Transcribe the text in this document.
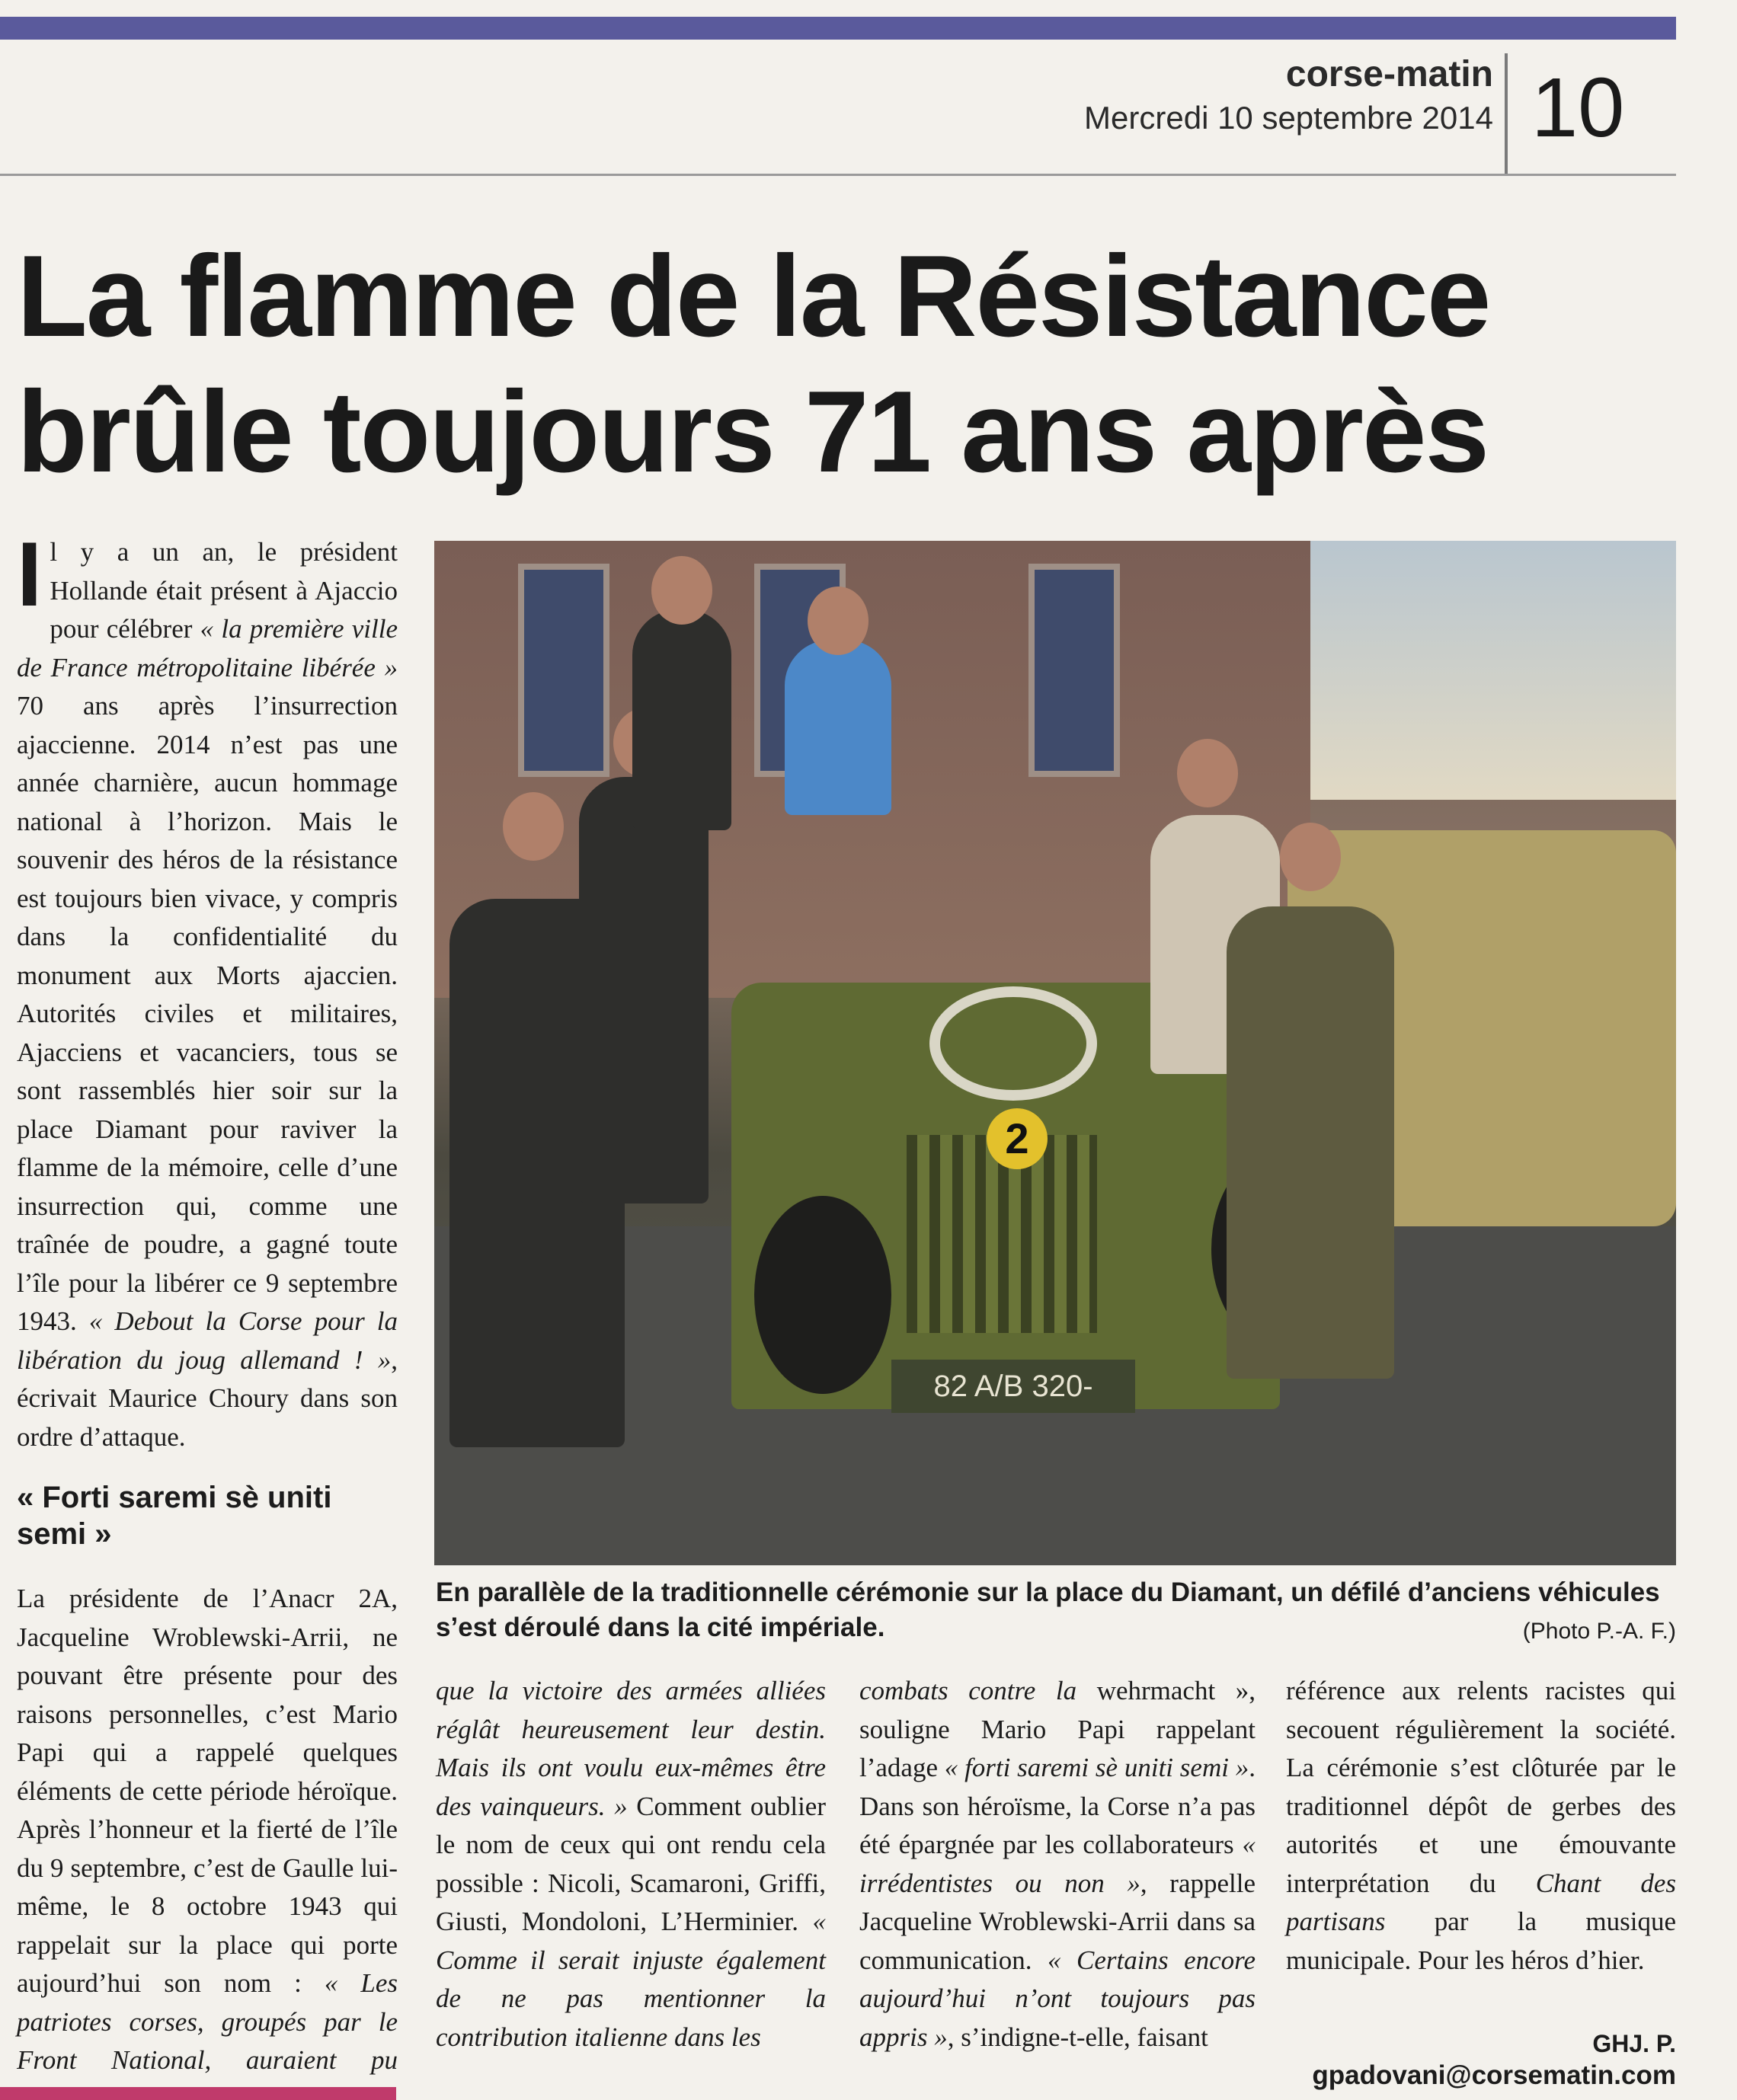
corse-matin
Mercredi 10 septembre 2014 10
La flamme de la Résistance
brûle toujours 71 ans après

Il y a un an, le président Hollande était présent à Ajaccio pour célébrer « la première ville de France métropolitaine libérée » 70 ans après l’insurrection ajaccienne. 2014 n’est pas une année charnière, aucun hommage national à l’horizon. Mais le souvenir des héros de la résistance est toujours bien vivace, y compris dans la confidentialité du monument aux Morts ajaccien. Autorités civiles et militaires, Ajacciens et vacanciers, tous se sont rassemblés hier soir sur la place Diamant pour raviver la flamme de la mémoire, celle d’une insurrection qui, comme une traînée de poudre, a gagné toute l’île pour la libérer ce 9 septembre 1943. « Debout la Corse pour la libération du joug allemand ! », écrivait Maurice Choury dans son ordre d’attaque.

« Forti saremi sè uniti semi »

La présidente de l’Anacr 2A, Jacqueline Wroblewski-Arrii, ne pouvant être présente pour des raisons personnelles, c’est Mario Papi qui a rappelé quelques éléments de cette période héroïque. Après l’honneur et la fierté de l’île du 9 septembre, c’est de Gaulle lui-même, le 8 octobre 1943 qui rappelait sur la place qui porte aujourd’hui son nom : « Les patriotes corses, groupés par le Front National, auraient pu

2
82 A/B 320-
En parallèle de la traditionnelle cérémonie sur la place du Diamant, un défilé d’anciens véhicules s’est déroulé dans la cité impériale.	(Photo P.-A. F.)

que la victoire des armées alliées réglât heureusement leur destin. Mais ils ont voulu eux-mêmes être des vainqueurs. » Comment oublier le nom de ceux qui ont rendu cela possible : Nicoli, Scamaroni, Griffi, Giusti, Mondoloni, L’Herminier. « Comme il serait injuste également de ne pas mentionner la contribution italienne dans les

combats contre la wehrmacht », souligne Mario Papi rappelant l’adage « forti saremi sè uniti semi ». Dans son héroïsme, la Corse n’a pas été épargnée par les collaborateurs « irrédentistes ou non », rappelle Jacqueline Wroblewski-Arrii dans sa communication. « Certains encore aujourd’hui n’ont toujours pas appris », s’indigne-t-elle, faisant

référence aux relents racistes qui secouent régulièrement la société. La cérémonie s’est clôturée par le traditionnel dépôt de gerbes des autorités et une émouvante interprétation du Chant des partisans par la musique municipale. Pour les héros d’hier.

GHJ. P.
gpadovani@corsematin.com
